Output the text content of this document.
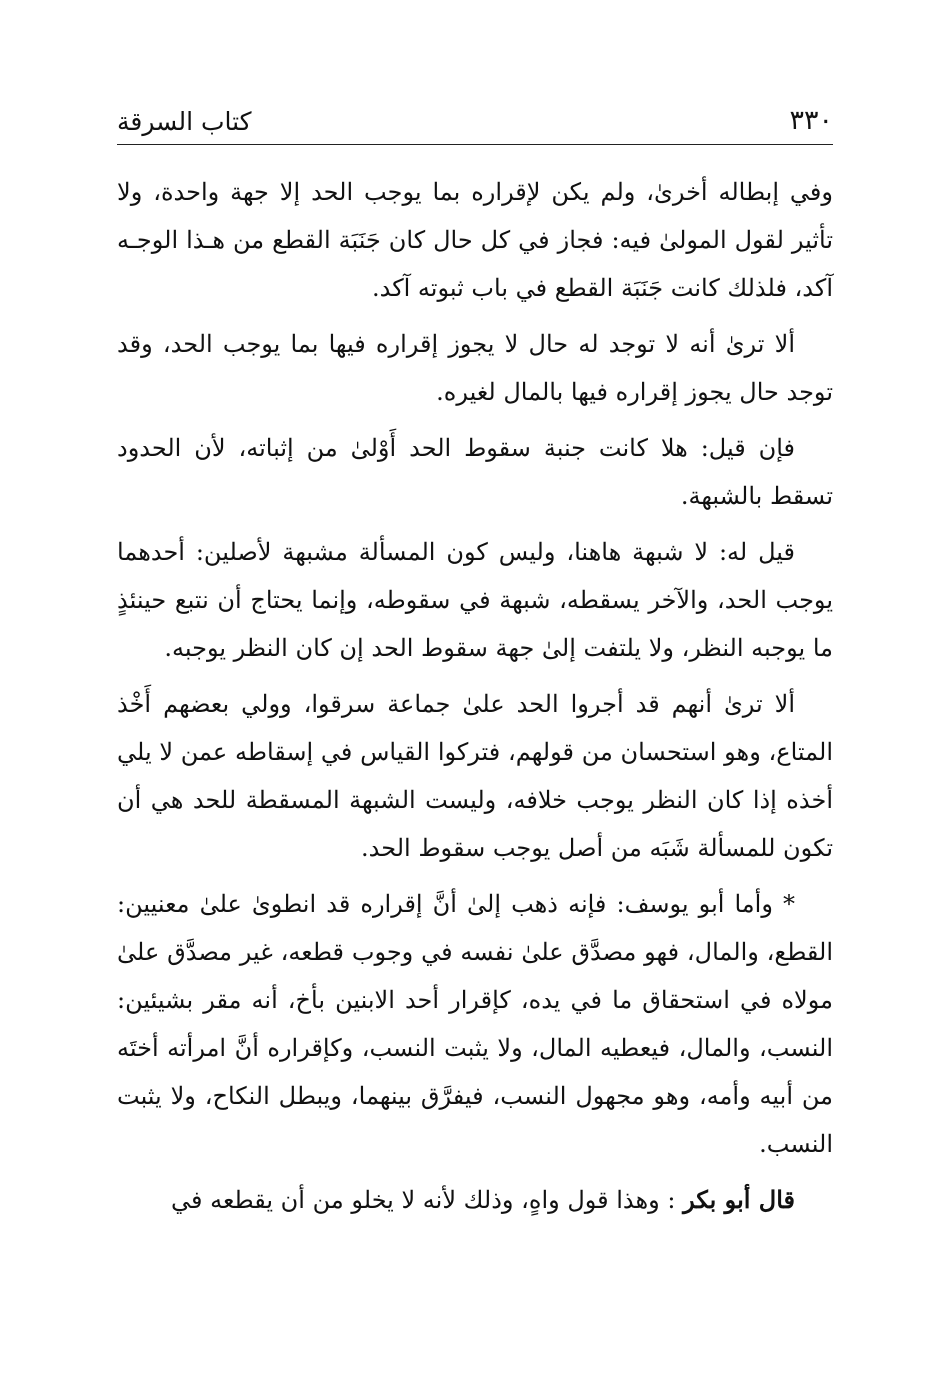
٣٣٠
كتاب السرقة

وفي إبطاله أخرىٰ، ولم يكن لإقراره بما يوجب الحد إلا جهة واحدة، ولا تأثير لقول المولىٰ فيه: فجاز في كل حال كان جَنَبَة القطع من هـذا الوجـه آكد، فلذلك كانت جَنَبَة القطع في باب ثبوته آكد.

ألا ترىٰ أنه لا توجد له حال لا يجوز إقراره فيها بما يوجب الحد، وقد توجد حال يجوز إقراره فيها بالمال لغيره.

فإن قيل: هلا كانت جنبة سقوط الحد أَوْلىٰ من إثباته، لأن الحدود تسقط بالشبهة.

قيل له: لا شبهة هاهنا، وليس كون المسألة مشبهة لأصلين: أحدهما يوجب الحد، والآخر يسقطه، شبهة في سقوطه، وإنما يحتاج أن نتبع حينئذٍ ما يوجبه النظر، ولا يلتفت إلىٰ جهة سقوط الحد إن كان النظر يوجبه.

ألا ترىٰ أنهم قد أجروا الحد علىٰ جماعة سرقوا، وولي بعضهم أَخْذ المتاع، وهو استحسان من قولهم، فتركوا القياس في إسقاطه عمن لا يلي أخذه إذا كان النظر يوجب خلافه، وليست الشبهة المسقطة للحد هي أن تكون للمسألة شَبَه من أصل يوجب سقوط الحد.

* وأما أبو يوسف: فإنه ذهب إلىٰ أنَّ إقراره قد انطوىٰ علىٰ معنيين: القطع، والمال، فهو مصدَّق علىٰ نفسه في وجوب قطعه، غير مصدَّق علىٰ مولاه في استحقاق ما في يده، كإقرار أحد الابنين بأخ، أنه مقر بشيئين: النسب، والمال، فيعطيه المال، ولا يثبت النسب، وكإقراره أنَّ امرأته أختَه من أبيه وأمه، وهو مجهول النسب، فيفرَّق بينهما، ويبطل النكاح، ولا يثبت النسب.

قال أبو بكر : وهذا قول واهٍ، وذلك لأنه لا يخلو من أن يقطعه في
